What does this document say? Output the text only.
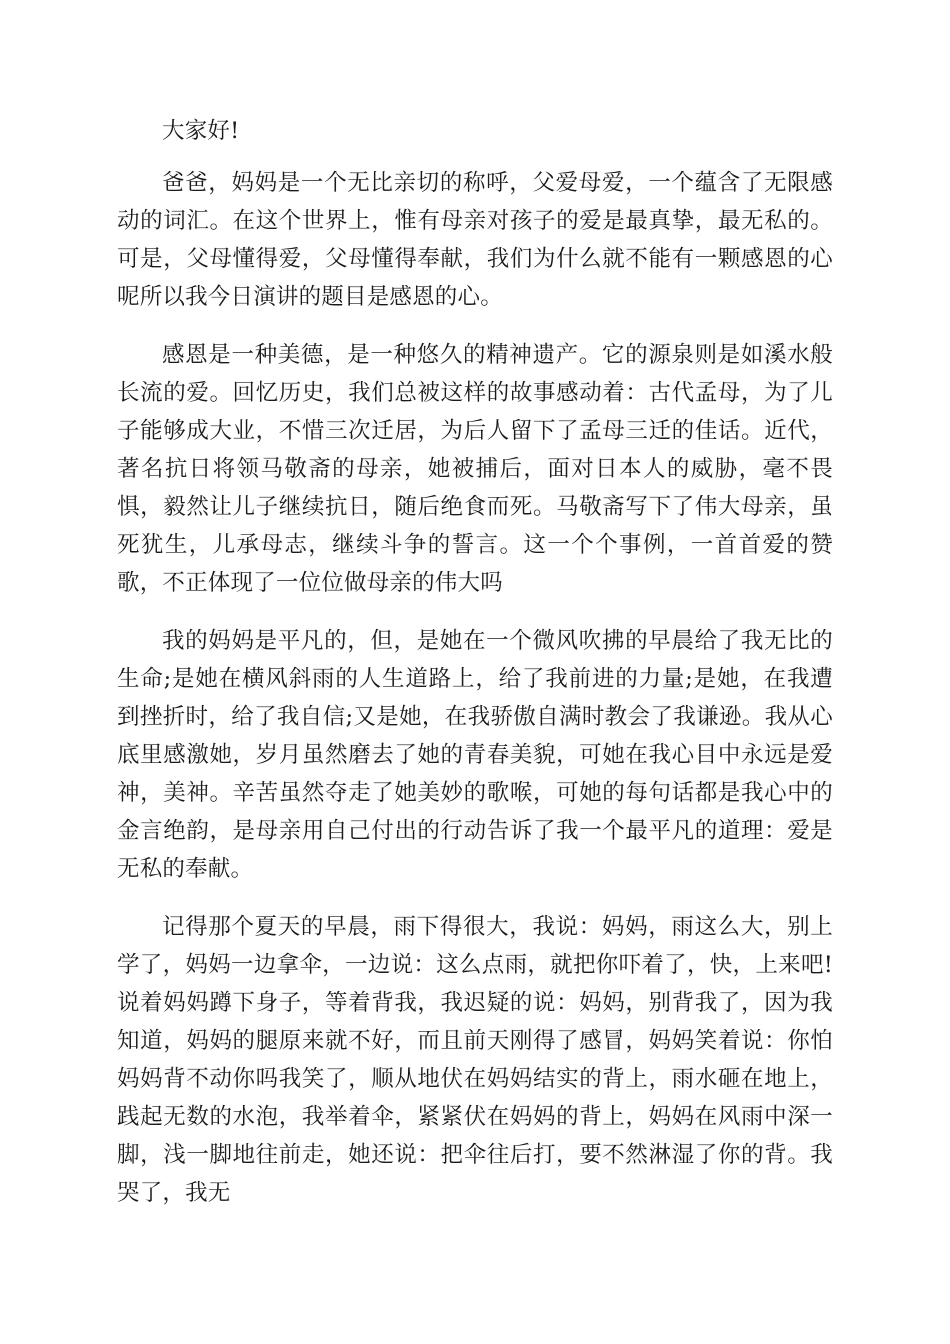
大家好!

爸爸，妈妈是一个无比亲切的称呼，父爱母爱，一个蕴含了无限感动的词汇。在这个世界上，惟有母亲对孩子的爱是最真挚，最无私的。可是，父母懂得爱，父母懂得奉献，我们为什么就不能有一颗感恩的心呢所以我今日演讲的题目是感恩的心。

感恩是一种美德，是一种悠久的精神遗产。它的源泉则是如溪水般长流的爱。回忆历史，我们总被这样的故事感动着：古代孟母，为了儿子能够成大业，不惜三次迁居，为后人留下了孟母三迁的佳话。近代，著名抗日将领马敬斋的母亲，她被捕后，面对日本人的威胁，毫不畏惧，毅然让儿子继续抗日，随后绝食而死。马敬斋写下了伟大母亲，虽死犹生，儿承母志，继续斗争的誓言。这一个个事例，一首首爱的赞歌，不正体现了一位位做母亲的伟大吗

我的妈妈是平凡的，但，是她在一个微风吹拂的早晨给了我无比的生命;是她在横风斜雨的人生道路上，给了我前进的力量;是她，在我遭到挫折时，给了我自信;又是她，在我骄傲自满时教会了我谦逊。我从心底里感激她，岁月虽然磨去了她的青春美貌，可她在我心目中永远是爱神，美神。辛苦虽然夺走了她美妙的歌喉，可她的每句话都是我心中的金言绝韵，是母亲用自己付出的行动告诉了我一个最平凡的道理：爱是无私的奉献。

记得那个夏天的早晨，雨下得很大，我说：妈妈，雨这么大，别上学了，妈妈一边拿伞，一边说：这么点雨，就把你吓着了，快，上来吧!说着妈妈蹲下身子，等着背我，我迟疑的说：妈妈，别背我了，因为我知道，妈妈的腿原来就不好，而且前天刚得了感冒，妈妈笑着说：你怕妈妈背不动你吗我笑了，顺从地伏在妈妈结实的背上，雨水砸在地上，践起无数的水泡，我举着伞，紧紧伏在妈妈的背上，妈妈在风雨中深一脚，浅一脚地往前走，她还说：把伞往后打，要不然淋湿了你的背。我哭了，我无
